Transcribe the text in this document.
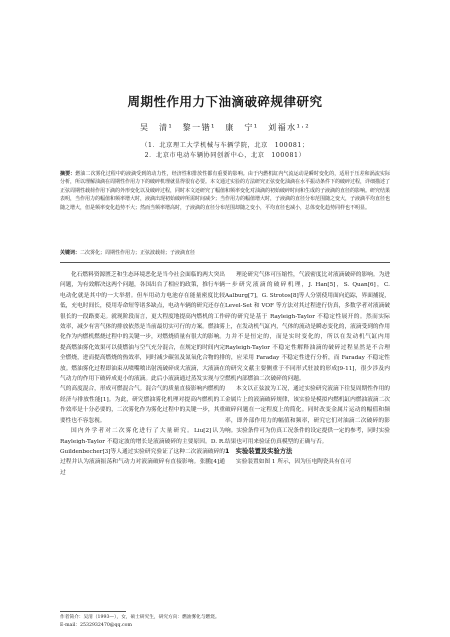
周期性作用力下油滴破碎规律研究
吴　清¹　黎一锴¹　康　宁¹　刘福水¹·²
（1．北京理工大学机械与车辆学院，北京　100081；
2．北京市电动车辆协同创新中心，北京　100081）
摘要：燃油二次雾化过程中的液滴受到的动力性，经济性和排放性都有重要的影响。由于内燃机缸内气流运动是瞬时变化的，适用于压差和涡流实际分析，所以理解油滴在周期性作用力下的破碎机理就显得很有必要。本文通过实验的方法研究正弦变化油滴在水平振动条件下的破碎过程，详细描述了正弦周期性载荷作用下滴的外形变化以及破碎过程，同时本文还研究了幅值和频率变化对油滴的初始破碎时间和生成的子液滴的直径的影响。研究结果表明，当作用力的幅值和频率增大时，液滴出现初始破碎所需时间减少；当作用力的幅值增大时，子液滴的直径分布范围随之变大，子液滴平均直径也随之增大，但是频率变化趋势不大；然而当频率增高时，子液滴的直径分布范围却随之变小，平均直径也减小，总体变化趋势同样也不明显。
关键词：二次雾化；周期性作用力；正弦波载荷；子液滴直径

化石燃料资源匮乏和生态环境恶化是当今社会面临的两大突出问题，为有效解决这两个问题，各国出台了相应的政策，推行车辆电动化就是其中的一大举措。但车用动力电池存在能量密度比较低，充电时间长，使用寿命短等诸多缺点，电动车辆的研究还存在很长的一段路要走。就现阶段而言，更大程度地提高内燃机的工作效率，减少有害气体的排放依然是当前最切实可行的方案。燃油雾化作为内燃机燃烧过程中的关键一步，对燃烧质量有很大的影响。提高燃油雾化效果可以使燃油与空气充分混合，在规定的时间内完全燃烧，进而提高燃烧的热效率，同时减少碳氢及氮氧化合物的排放。燃油雾化过程即油束从喷嘴喷出射流破碎成大液滴，大液滴在气动力的作用下破碎成更小的液滴。此后小液滴通过蒸发实现与空气的高度混合，形成可燃混合气。混合气的质量直接影响内燃机的经济与排放性能[1]。为此，研究燃油雾化机理对提高内燃机的工作效率是十分必要的，二次雾化作为雾化过程中的关键一步，其重要性也不容忽视。

国内外学者对二次雾化进行了大量研究。Liu[2]认为 Rayleigh-Taylor 不稳定波的增长是液滴破碎的主要原因。D. R. Guildenbecher[3]等人通过实验研究验证了这种二次液滴破碎的过程并认为液滴振荡和气动力对液滴破碎有直接影响。张鹏[4]通过

理论研究气体可压缩性，气液密度比对液滴破碎的影响。为进一步研究液滴的破碎机理，J. Han[5]，S. Quan[6]，C. Aalburg[7]，G. Strotos[8]等人分别使用面向追踪，界面捕捉，Level-Set 和 VOF 等方法对其过程进行仿真，多数学者对液滴破碎的研究是基于 Rayleigh-Taylor 不稳定性展开的。然而实际上，在发动机气缸内，气体的流动是瞬态变化的，液滴受到的作用力并不是恒定的，而是实时变化的，所以在发动机气缸内用 Rayleigh-Taylor 不稳定性解释油滴的破碎过程显然是不合理的，应采用 Faraday 不稳定性进行分析，而 Faraday 不稳定性的研究文献主要侧重于不同形式驻波的形成[9-11]，很少涉及内燃机内部燃油二次破碎的问题。

本文以正弦波为工况，通过实验研究液滴下往复周期性作用的金属片上的液滴破碎规律，该实验是模拟内燃机缸内燃油液滴二次破碎问题在一定程度上的简化。同时改变金属片运动的幅值和频率，即外部作用力的幅值和频率，研究它们对油滴二次破碎的影响。实验条件可为仿真工况条件的设定提供一定的参考，同时实验结果也可用来验证仿真模型的正确与否。

1　实验装置及实验方法

实验装置如图 1 所示，因为压电陶瓷具有在可

作者简介：吴清（1993—），女，硕士研究生，研究方向：燃油雾化与燃烧。
E-mail：2532932470@qq.com
